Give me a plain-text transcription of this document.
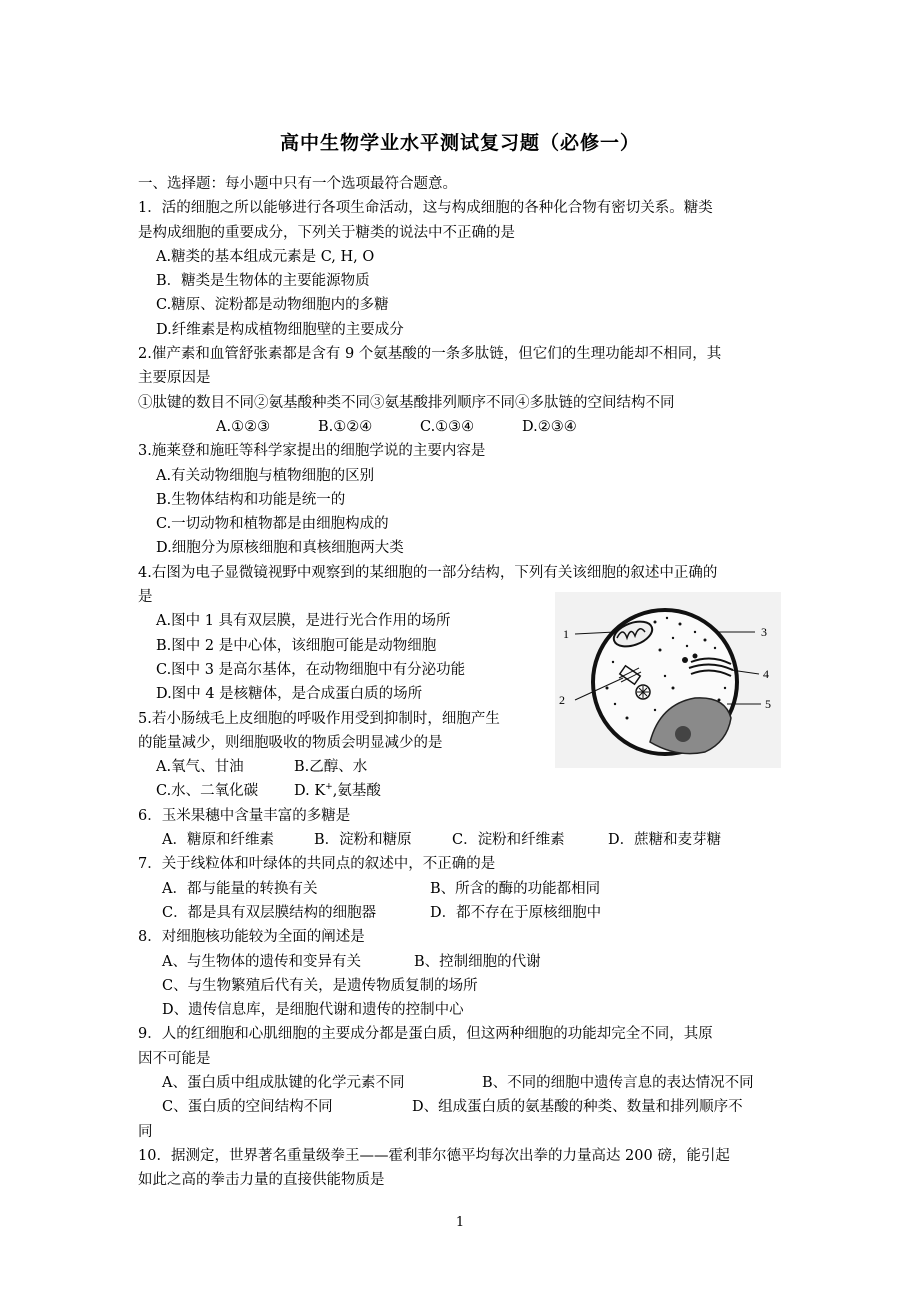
高中生物学业水平测试复习题（必修一）
一、选择题：每小题中只有一个选项最符合题意。
1．活的细胞之所以能够进行各项生命活动，这与构成细胞的各种化合物有密切关系。糖类
是构成细胞的重要成分，下列关于糖类的说法中不正确的是
A.糖类的基本组成元素是 C, H, O
B．糖类是生物体的主要能源物质
C.糖原、淀粉都是动物细胞内的多糖
D.纤维素是构成植物细胞壁的主要成分
2.催产素和血管舒张素都是含有 9 个氨基酸的一条多肽链，但它们的生理功能却不相同，其
主要原因是
①肽键的数目不同②氨基酸种类不同③氨基酸排列顺序不同④多肽链的空间结构不同
A.①②③	B.①②④	C.①③④	D.②③④
3.施莱登和施旺等科学家提出的细胞学说的主要内容是
A.有关动物细胞与植物细胞的区别
B.生物体结构和功能是统一的
C.一切动物和植物都是由细胞构成的
D.细胞分为原核细胞和真核细胞两大类
4.右图为电子显微镜视野中观察到的某细胞的一部分结构，下列有关该细胞的叙述中正确的
是
A.图中 1 具有双层膜，是进行光合作用的场所
B.图中 2 是中心体，该细胞可能是动物细胞
C.图中 3 是高尔基体，在动物细胞中有分泌功能
D.图中 4 是核糖体，是合成蛋白质的场所
5.若小肠绒毛上皮细胞的呼吸作用受到抑制时，细胞产生
的能量减少，则细胞吸收的物质会明显减少的是
A.氧气、甘油	B.乙醇、水
C.水、二氧化碳 D. K+,氨基酸
6．玉米果穗中含量丰富的多糖是
A．糖原和纤维素	B．淀粉和糖原	C．淀粉和纤维素	D．蔗糖和麦芽糖
7．关于线粒体和叶绿体的共同点的叙述中，不正确的是
A．都与能量的转换有关	B、所含的酶的功能都相同
C．都是具有双层膜结构的细胞器	D．都不存在于原核细胞中
8．对细胞核功能较为全面的阐述是
A、与生物体的遗传和变异有关	B、控制细胞的代谢
C、与生物繁殖后代有关，是遗传物质复制的场所
D、遗传信息库，是细胞代谢和遗传的控制中心
9．人的红细胞和心肌细胞的主要成分都是蛋白质，但这两种细胞的功能却完全不同，其原
因不可能是
A、蛋白质中组成肽键的化学元素不同	B、不同的细胞中遗传言息的表达情况不同
C、蛋白质的空间结构不同	D、组成蛋白质的氨基酸的种类、数量和排列顺序不
同
10．据测定，世界著名重量级拳王——霍利菲尔德平均每次出拳的力量高达 200 磅，能引起
如此之高的拳击力量的直接供能物质是
1
2
3
4
5
1
